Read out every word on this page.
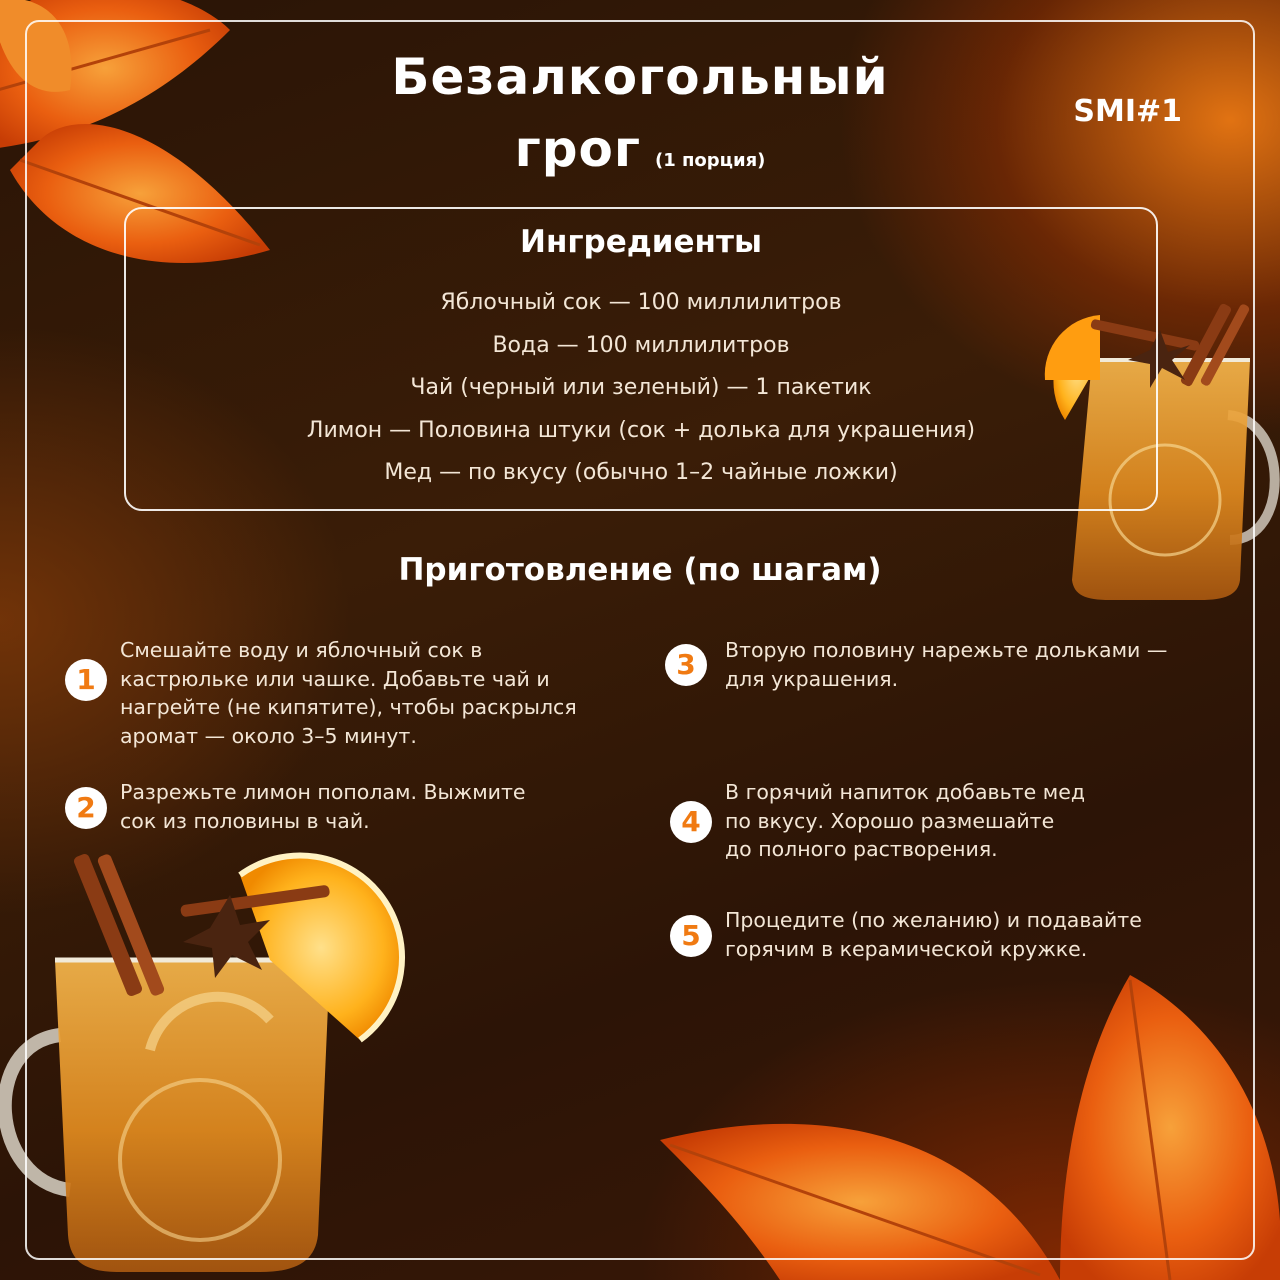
Безалкогольный
грог (1 порция)
SMI#1
Ингредиенты
Яблочный сок — 100 миллилитров
Вода — 100 миллилитров
Чай (черный или зеленый) — 1 пакетик
Лимон — Половина штуки (сок + долька для украшения)
Мед — по вкусу (обычно 1–2 чайные ложки)
Приготовление (по шагам)
1
Смешайте воду и яблочный сок в
кастрюльке или чашке. Добавьте чай и
нагрейте (не кипятите), чтобы раскрылся
аромат — около 3–5 минут.
2	Разрежьте лимон пополам. Выжмите
сок из половины в чай.
3	Вторую половину нарежьте дольками —
для украшения.
4
В горячий напиток добавьте мед
по вкусу. Хорошо размешайте
до полного растворения.
5	Процедите (по желанию) и подавайте
горячим в керамической кружке.
